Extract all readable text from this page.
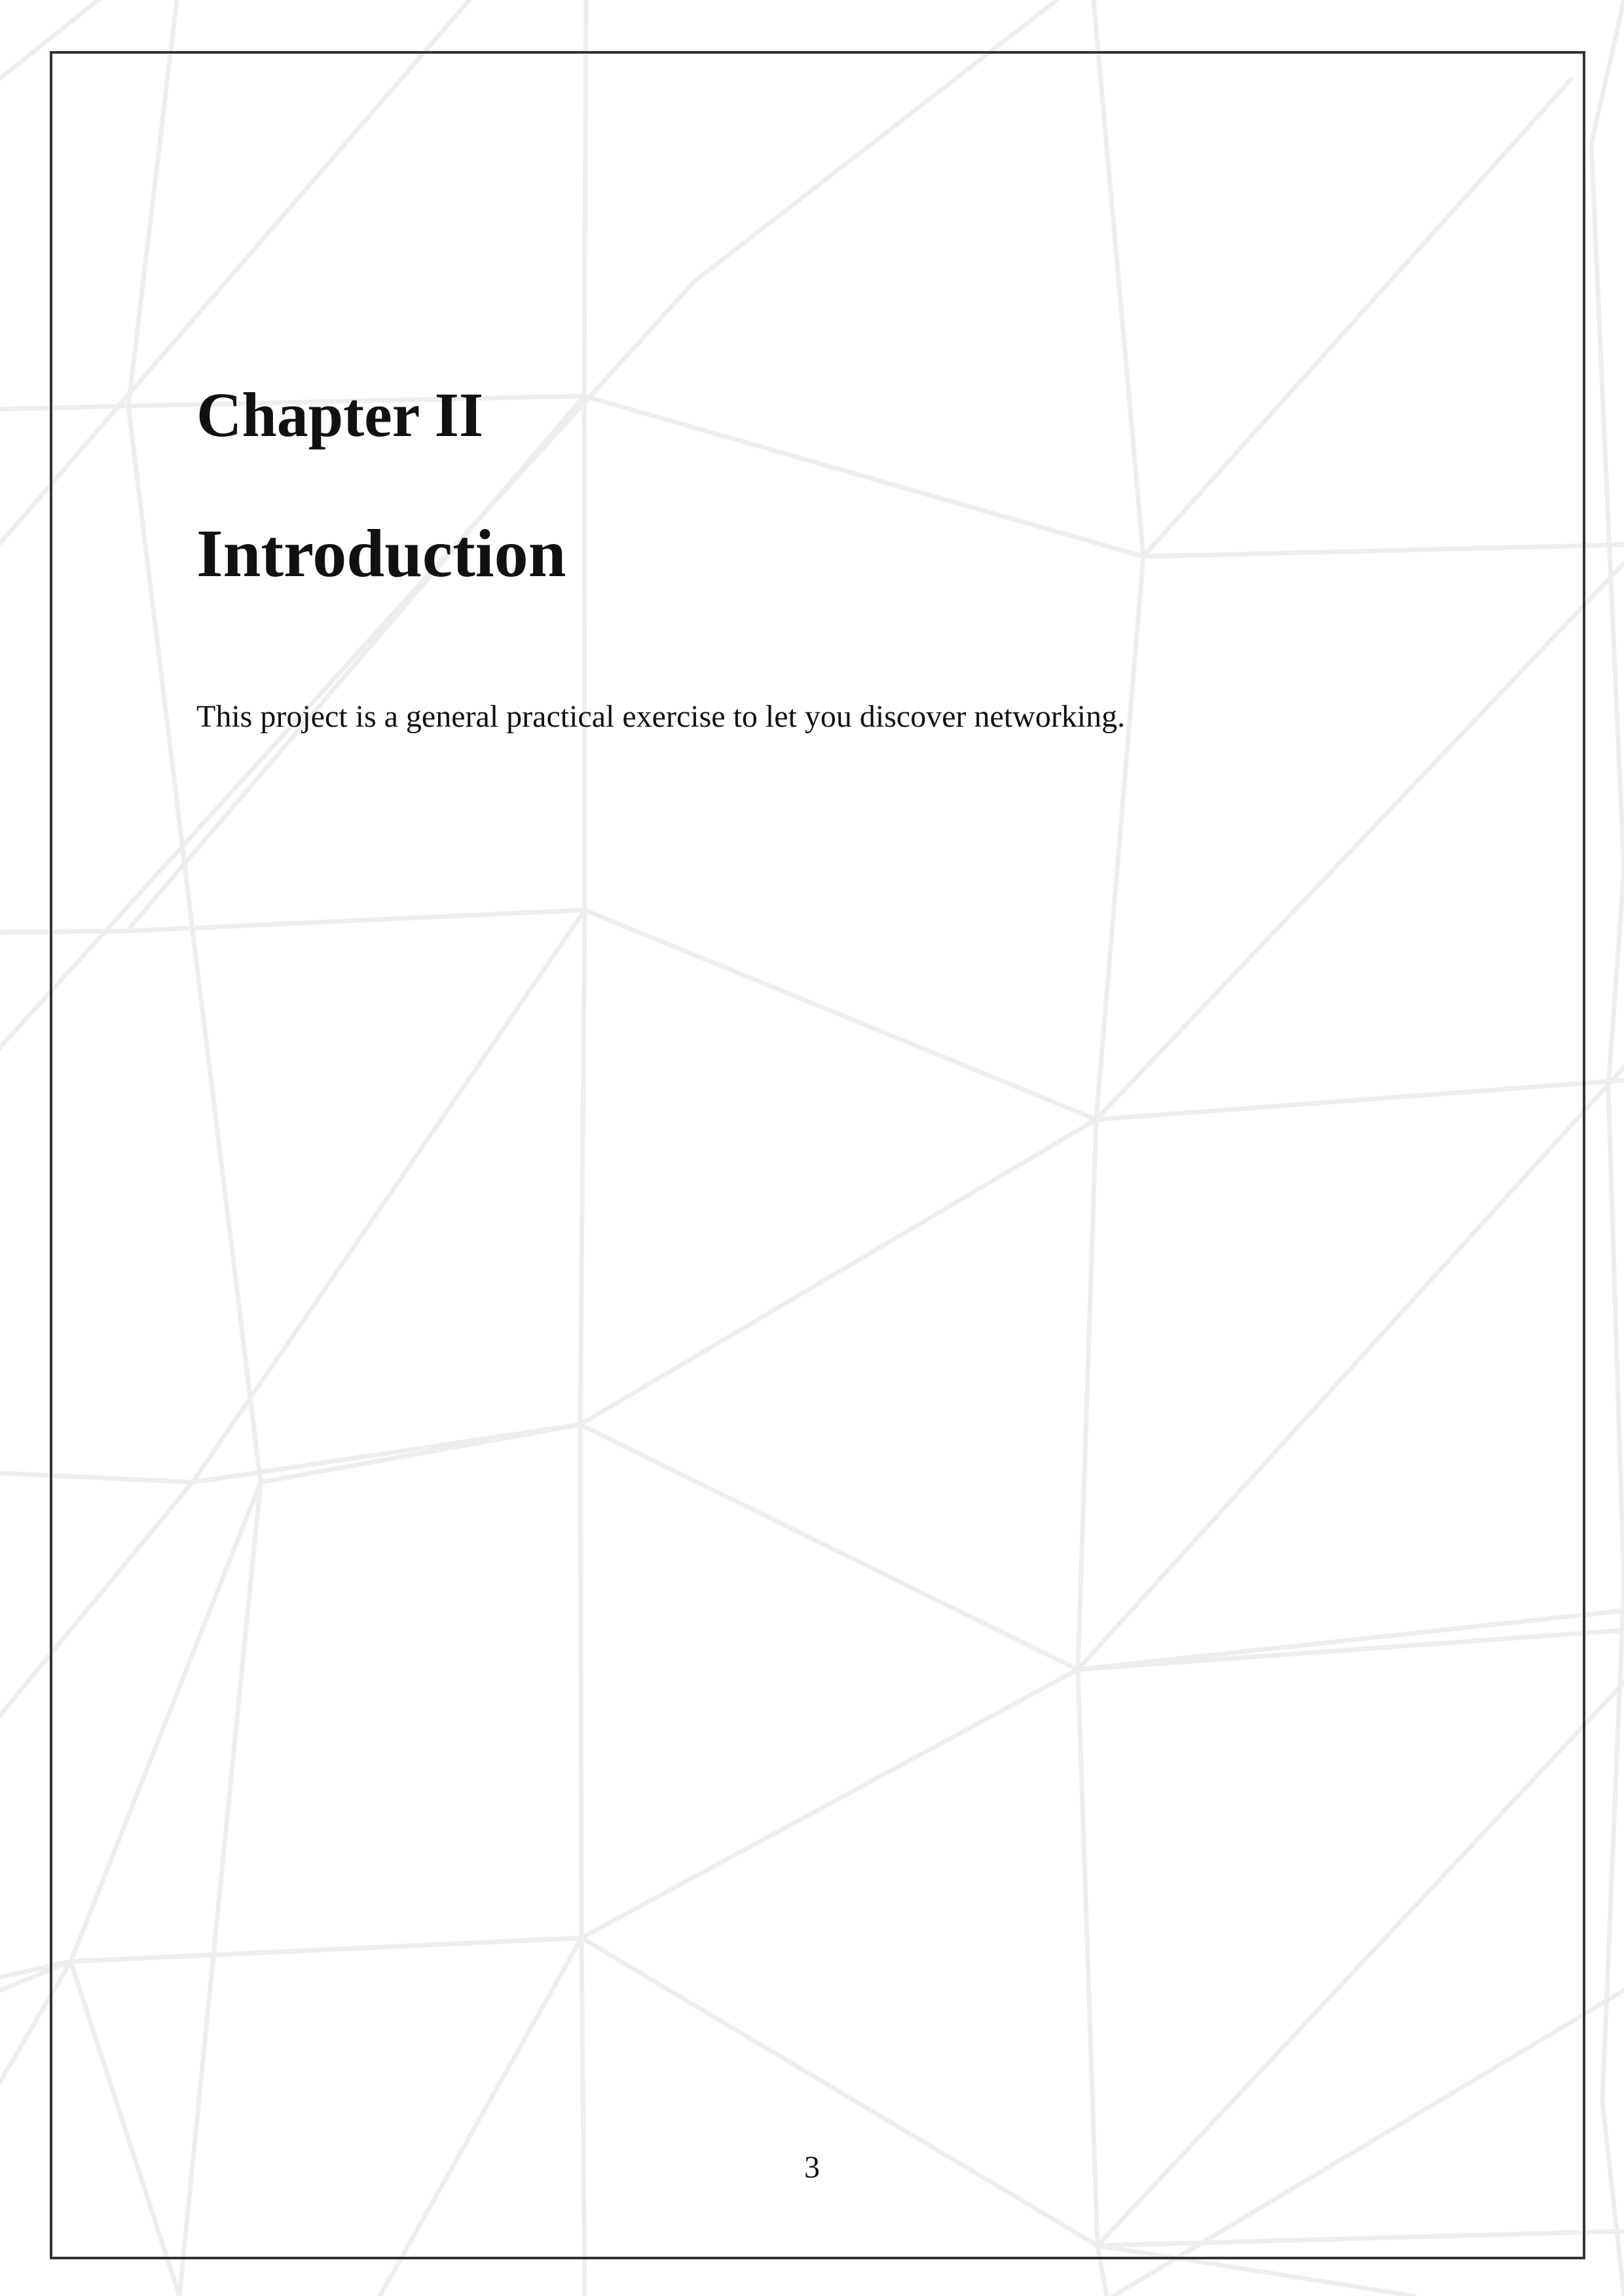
Chapter II
Introduction

This project is a general practical exercise to let you discover networking.

3
